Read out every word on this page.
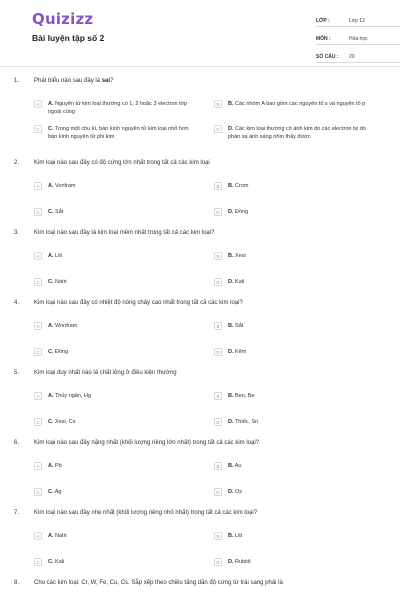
Quizizz
Bài luyện tập số 2
LỚP :	Lớp 12
MÔN :	Hóa học
SỐ CÂU :	20
1. Phát biểu nào sau đây là sai?
A	A. Nguyên tử kim loại thường có 1, 2 hoặc 3 electron lớp ngoài cùng
B	B. Các nhóm A bao gồm các nguyên tố s và nguyên tố p
C	C. Trong một chu kì, bán kính nguyên tử kim loại nhỏ hơn bán kính nguyên tử phi kim
D	D. Các kim loại thường có ánh kim do các electron tự do phản xạ ánh sáng nhìn thấy được
2. Kim loại nào sau đây có độ cứng lớn nhất trong tất cả các kim loại
A	A. Vonfram	B	B. Crom
C	C. Sắt	D	D. Đồng
3. Kim loại nào sau đây là kim loại mềm nhất trong tất cả các kim loại?
A	A. Liti	B	B. Xesi
C	C. Natri	D	D. Kali
4. Kim loại nào sau đây có nhiệt độ nóng chảy cao nhất trong tất cả các kim loại?
A	A. Wonfram	B	B. Sắt
C	C. Đồng	D	D. Kẽm
5. Kim loại duy nhất nào là chất lỏng ở điều kiện thường
A	A. Thủy ngân, Hg	B	B. Ben, Be
C	C. Xesi, Cs	D	D. Thiếc, Sn
6. Kim loại nào sau đây nặng nhất (khối lượng riêng lớn nhất) trong tất cả các kim loại?
A	A. Pb	B	B. Au
C	C. Ag	D	D. Os
7. Kim loại nào sau đây nhẹ nhất (khối lượng riêng nhỏ nhất) trong tất cả các kim loại?
A	A. Natri	B	B. Liti
C	C. Kali	D	D. Rubidi
8. Cho các kim loại: Cr, W, Fe, Cu, Cs. Sắp xếp theo chiều tăng dần độ cứng từ trái sang phải là
